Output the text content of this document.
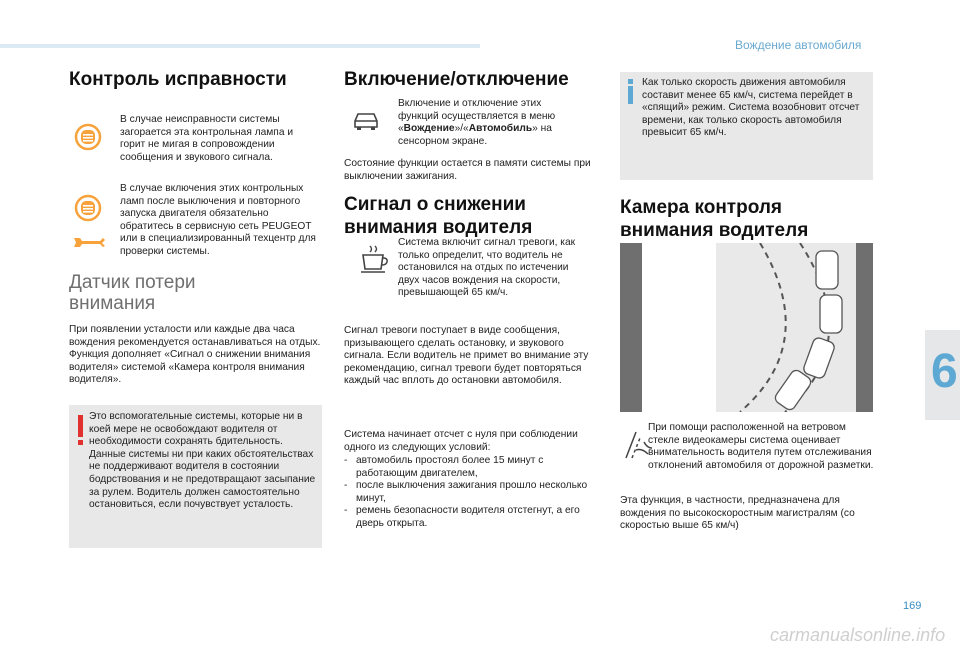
Вождение автомобиля
6
Контроль исправности
В случае неисправности системы загорается эта контрольная лампа и горит не мигая в сопровождении сообщения и звукового сигнала.
В случае включения этих контрольных ламп после выключения и повторного запуска двигателя обязательно обратитесь в сервисную сеть PEUGEOT или в специализированный техцентр для проверки системы.
Датчик потери внимания
При появлении усталости или каждые два часа вождения рекомендуется останавливаться на отдых. Функция дополняет «Сигнал о снижении внимания водителя» системой «Камера контроля внимания водителя».
Это вспомогательные системы, которые ни в коей мере не освобождают водителя от необходимости сохранять бдительность. Данные системы ни при каких обстоятельствах не поддерживают водителя в состоянии бодрствования и не предотвращают засыпание за рулем. Водитель должен самостоятельно остановиться, если почувствует усталость.
Включение/отключение
Включение и отключение этих функций осуществляется в меню «Вождение»/«Автомобиль» на сенсорном экране.
Состояние функции остается в памяти системы при выключении зажигания.
Сигнал о снижении внимания водителя
Система включит сигнал тревоги, как только определит, что водитель не остановился на отдых по истечении двух часов вождения на скорости, превышающей 65 км/ч.
Сигнал тревоги поступает в виде сообщения, призывающего сделать остановку, и звукового сигнала. Если водитель не примет во внимание эту рекомендацию, сигнал тревоги будет повторяться каждый час вплоть до остановки автомобиля.
Система начинает отсчет с нуля при соблюдении одного из следующих условий:
- автомобиль простоял более 15 минут с работающим двигателем,
- после выключения зажигания прошло несколько минут,
- ремень безопасности водителя отстегнут, а его дверь открыта.
Как только скорость движения автомобиля составит менее 65 км/ч, система перейдет в «спящий» режим. Система возобновит отсчет времени, как только скорость автомобиля превысит 65 км/ч.
Камера контроля внимания водителя
При помощи расположенной на ветровом стекле видеокамеры система оценивает внимательность водителя путем отслеживания отклонений автомобиля от дорожной разметки.
Эта функция, в частности, предназначена для вождения по высокоскоростным магистралям (со скоростью выше 65 км/ч)
169
carmanualsonline.info
